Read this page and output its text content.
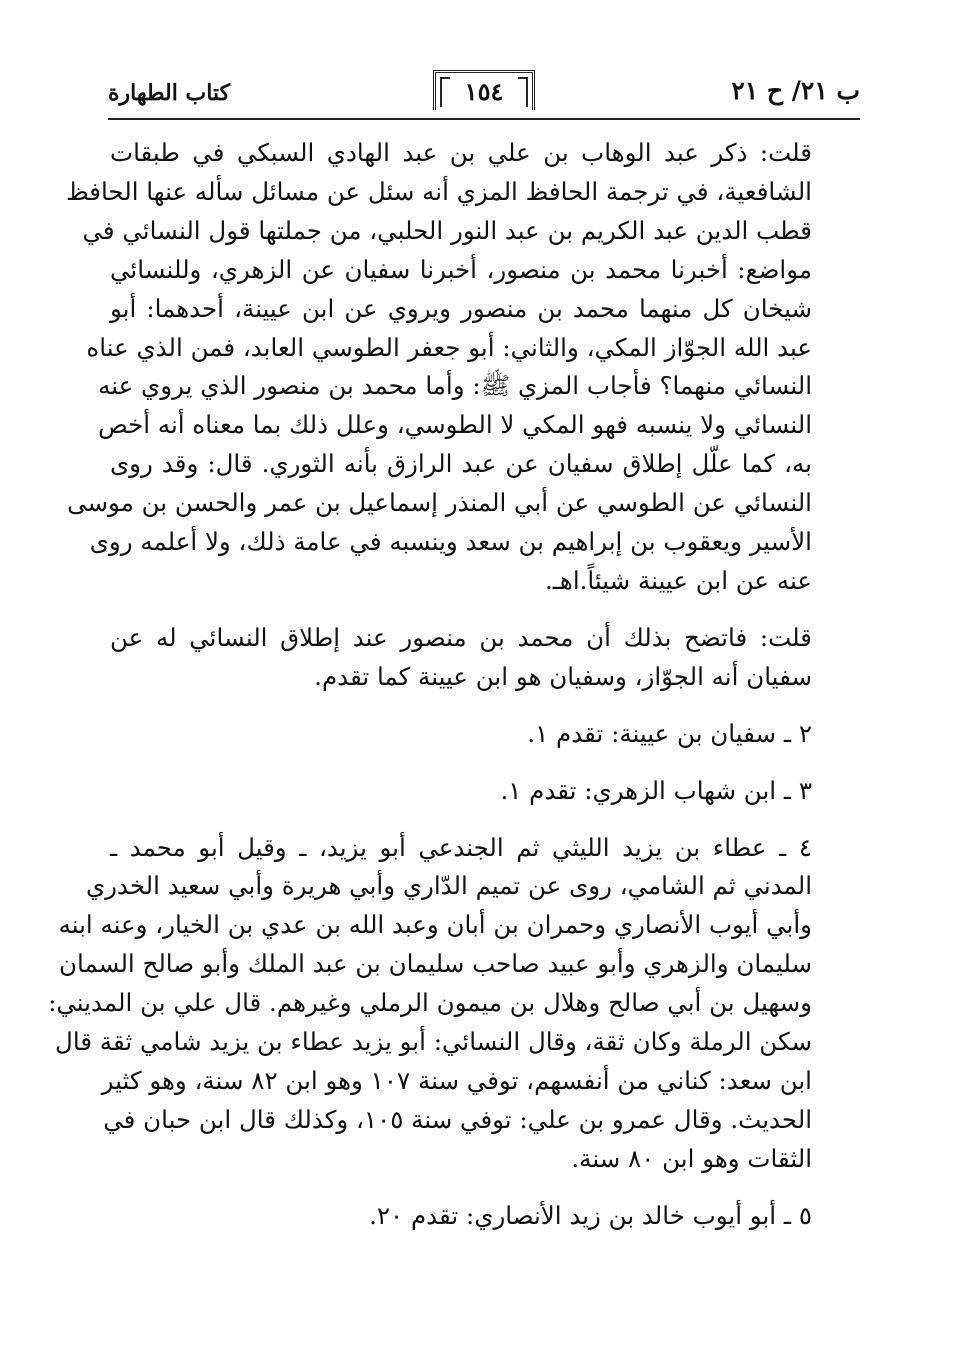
ب ٢١/ ح ٢١
١٥٤
كتاب الطهارة
قلت: ذكر عبد الوهاب بن علي بن عبد الهادي السبكي في طبقات
الشافعية، في ترجمة الحافظ المزي أنه سئل عن مسائل سأله عنها الحافظ
قطب الدين عبد الكريم بن عبد النور الحلبي، من جملتها قول النسائي في
مواضع: أخبرنا محمد بن منصور، أخبرنا سفيان عن الزهري، وللنسائي
شيخان كل منهما محمد بن منصور ويروي عن ابن عيينة، أحدهما: أبو
عبد الله الجوّاز المكي، والثاني: أبو جعفر الطوسي العابد، فمن الذي عناه
النسائي منهما؟ فأجاب المزي ﷺ: وأما محمد بن منصور الذي يروي عنه
النسائي ولا ينسبه فهو المكي لا الطوسي، وعلل ذلك بما معناه أنه أخص
به، كما علّل إطلاق سفيان عن عبد الرازق بأنه الثوري. قال: وقد روى
النسائي عن الطوسي عن أبي المنذر إسماعيل بن عمر والحسن بن موسى
الأسير ويعقوب بن إبراهيم بن سعد وينسبه في عامة ذلك، ولا أعلمه روى
عنه عن ابن عيينة شيئاً.اهـ.
قلت: فاتضح بذلك أن محمد بن منصور عند إطلاق النسائي له عن
سفيان أنه الجوّاز، وسفيان هو ابن عيينة كما تقدم.
٢ ـ سفيان بن عيينة: تقدم ١.
٣ ـ ابن شهاب الزهري: تقدم ١.
٤ ـ عطاء بن يزيد الليثي ثم الجندعي أبو يزيد، ـ وقيل أبو محمد ـ
المدني ثم الشامي، روى عن تميم الدّاري وأبي هريرة وأبي سعيد الخدري
وأبي أيوب الأنصاري وحمران بن أبان وعبد الله بن عدي بن الخيار، وعنه ابنه
سليمان والزهري وأبو عبيد صاحب سليمان بن عبد الملك وأبو صالح السمان
وسهيل بن أبي صالح وهلال بن ميمون الرملي وغيرهم. قال علي بن المديني:
سكن الرملة وكان ثقة، وقال النسائي: أبو يزيد عطاء بن يزيد شامي ثقة قال
ابن سعد: كناني من أنفسهم، توفي سنة ١٠٧ وهو ابن ٨٢ سنة، وهو كثير
الحديث. وقال عمرو بن علي: توفي سنة ١٠٥، وكذلك قال ابن حبان في
الثقات وهو ابن ٨٠ سنة.
٥ ـ أبو أيوب خالد بن زيد الأنصاري: تقدم ٢٠.
